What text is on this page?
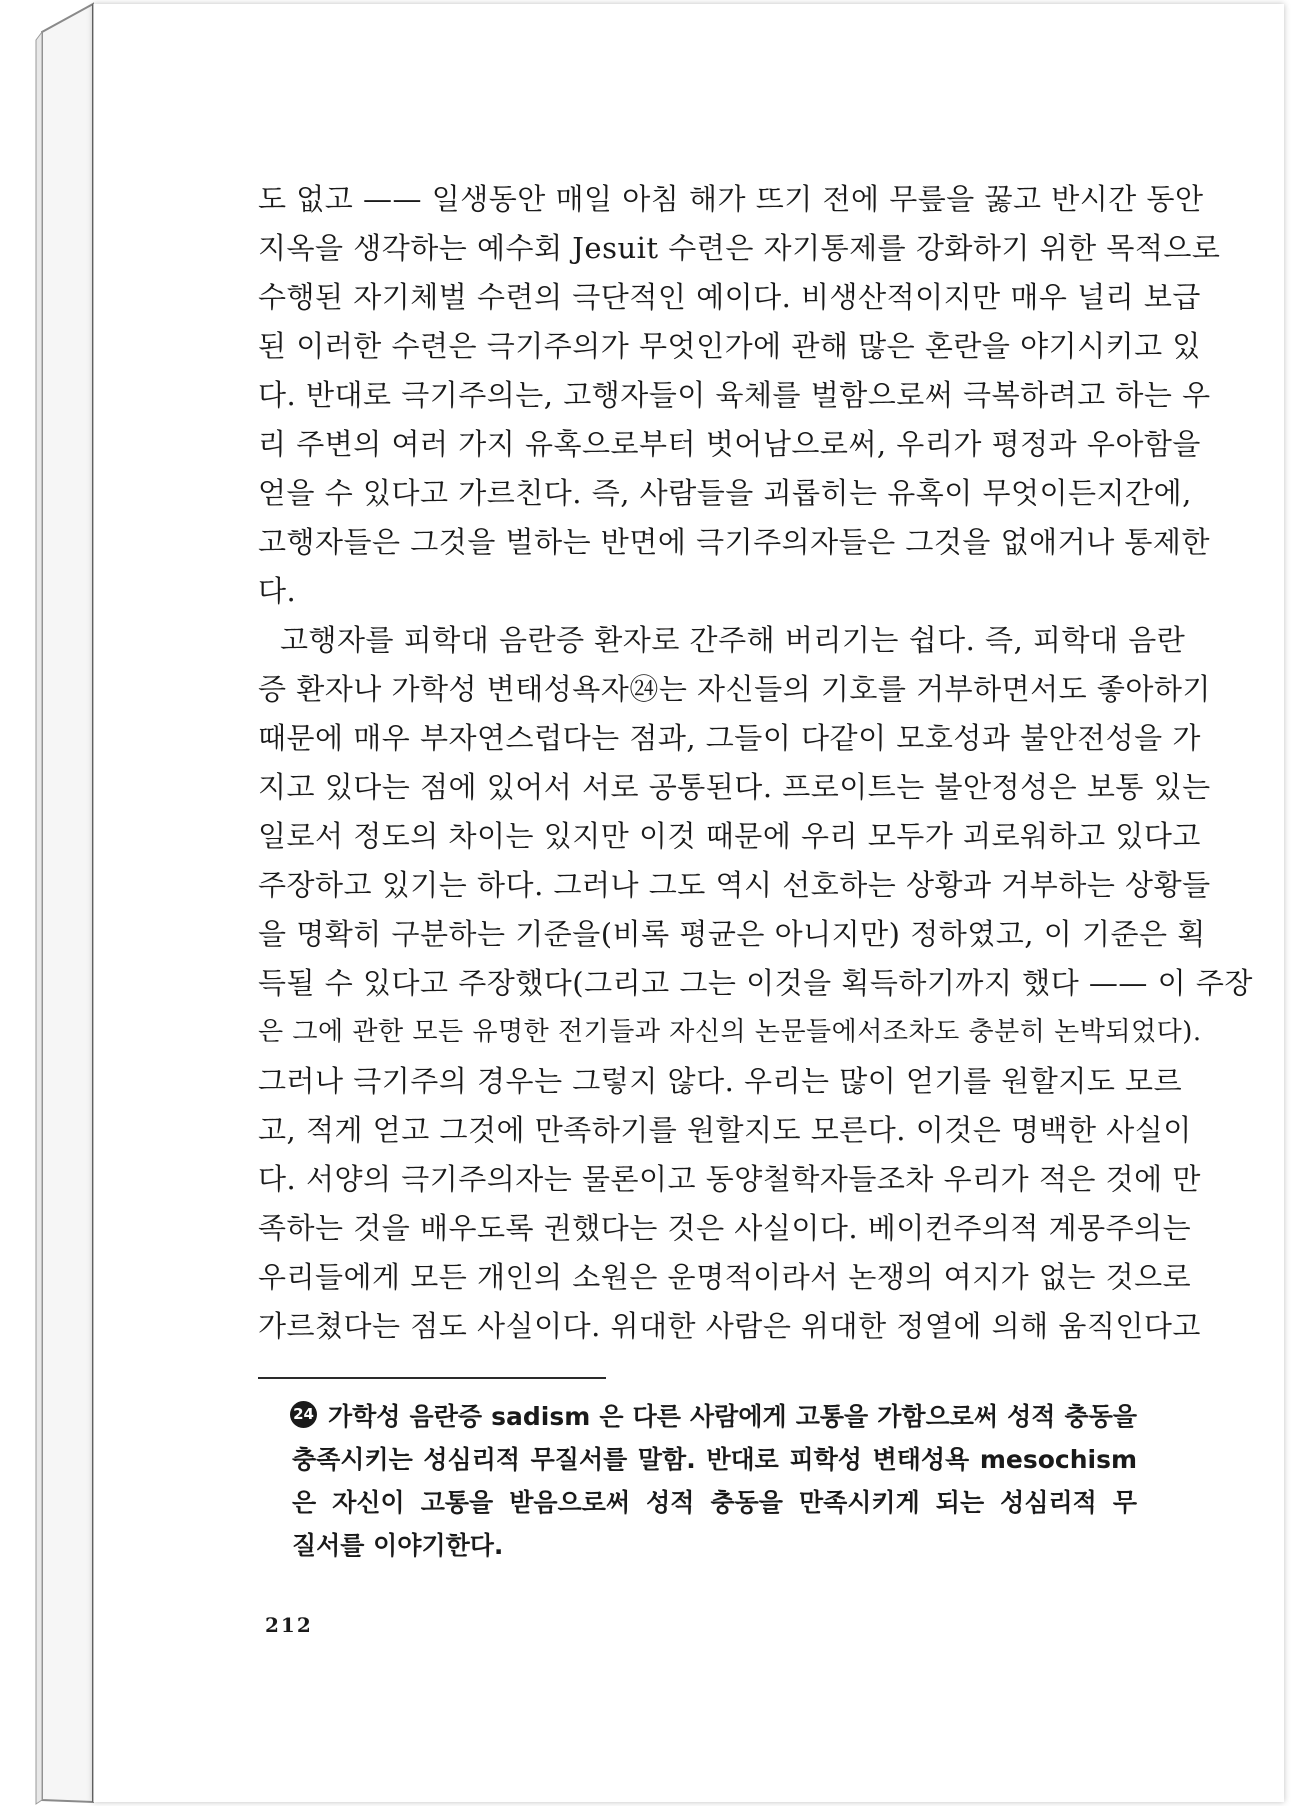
도 없고 —— 일생동안 매일 아침 해가 뜨기 전에 무릎을 꿇고 반시간 동안
지옥을 생각하는 예수회 Jesuit 수련은 자기통제를 강화하기 위한 목적으로
수행된 자기체벌 수련의 극단적인 예이다. 비생산적이지만 매우 널리 보급
된 이러한 수련은 극기주의가 무엇인가에 관해 많은 혼란을 야기시키고 있
다. 반대로 극기주의는, 고행자들이 육체를 벌함으로써 극복하려고 하는 우
리 주변의 여러 가지 유혹으로부터 벗어남으로써, 우리가 평정과 우아함을
얻을 수 있다고 가르친다. 즉, 사람들을 괴롭히는 유혹이 무엇이든지간에,
고행자들은 그것을 벌하는 반면에 극기주의자들은 그것을 없애거나 통제한
다.
고행자를 피학대 음란증 환자로 간주해 버리기는 쉽다. 즉, 피학대 음란
증 환자나 가학성 변태성욕자㉔는 자신들의 기호를 거부하면서도 좋아하기
때문에 매우 부자연스럽다는 점과, 그들이 다같이 모호성과 불안전성을 가
지고 있다는 점에 있어서 서로 공통된다. 프로이트는 불안정성은 보통 있는
일로서 정도의 차이는 있지만 이것 때문에 우리 모두가 괴로워하고 있다고
주장하고 있기는 하다. 그러나 그도 역시 선호하는 상황과 거부하는 상황들
을 명확히 구분하는 기준을(비록 평균은 아니지만) 정하였고, 이 기준은 획
득될 수 있다고 주장했다(그리고 그는 이것을 획득하기까지 했다 —— 이 주장
은 그에 관한 모든 유명한 전기들과 자신의 논문들에서조차도 충분히 논박되었다).
그러나 극기주의 경우는 그렇지 않다. 우리는 많이 얻기를 원할지도 모르
고, 적게 얻고 그것에 만족하기를 원할지도 모른다. 이것은 명백한 사실이
다. 서양의 극기주의자는 물론이고 동양철학자들조차 우리가 적은 것에 만
족하는 것을 배우도록 권했다는 것은 사실이다. 베이컨주의적 계몽주의는
우리들에게 모든 개인의 소원은 운명적이라서 논쟁의 여지가 없는 것으로
가르쳤다는 점도 사실이다. 위대한 사람은 위대한 정열에 의해 움직인다고
24 가학성 음란증 sadism 은 다른 사람에게 고통을 가함으로써 성적 충동을
충족시키는 성심리적 무질서를 말함. 반대로 피학성 변태성욕 mesochism
은 자신이 고통을 받음으로써 성적 충동을 만족시키게 되는 성심리적 무
질서를 이야기한다.
212
